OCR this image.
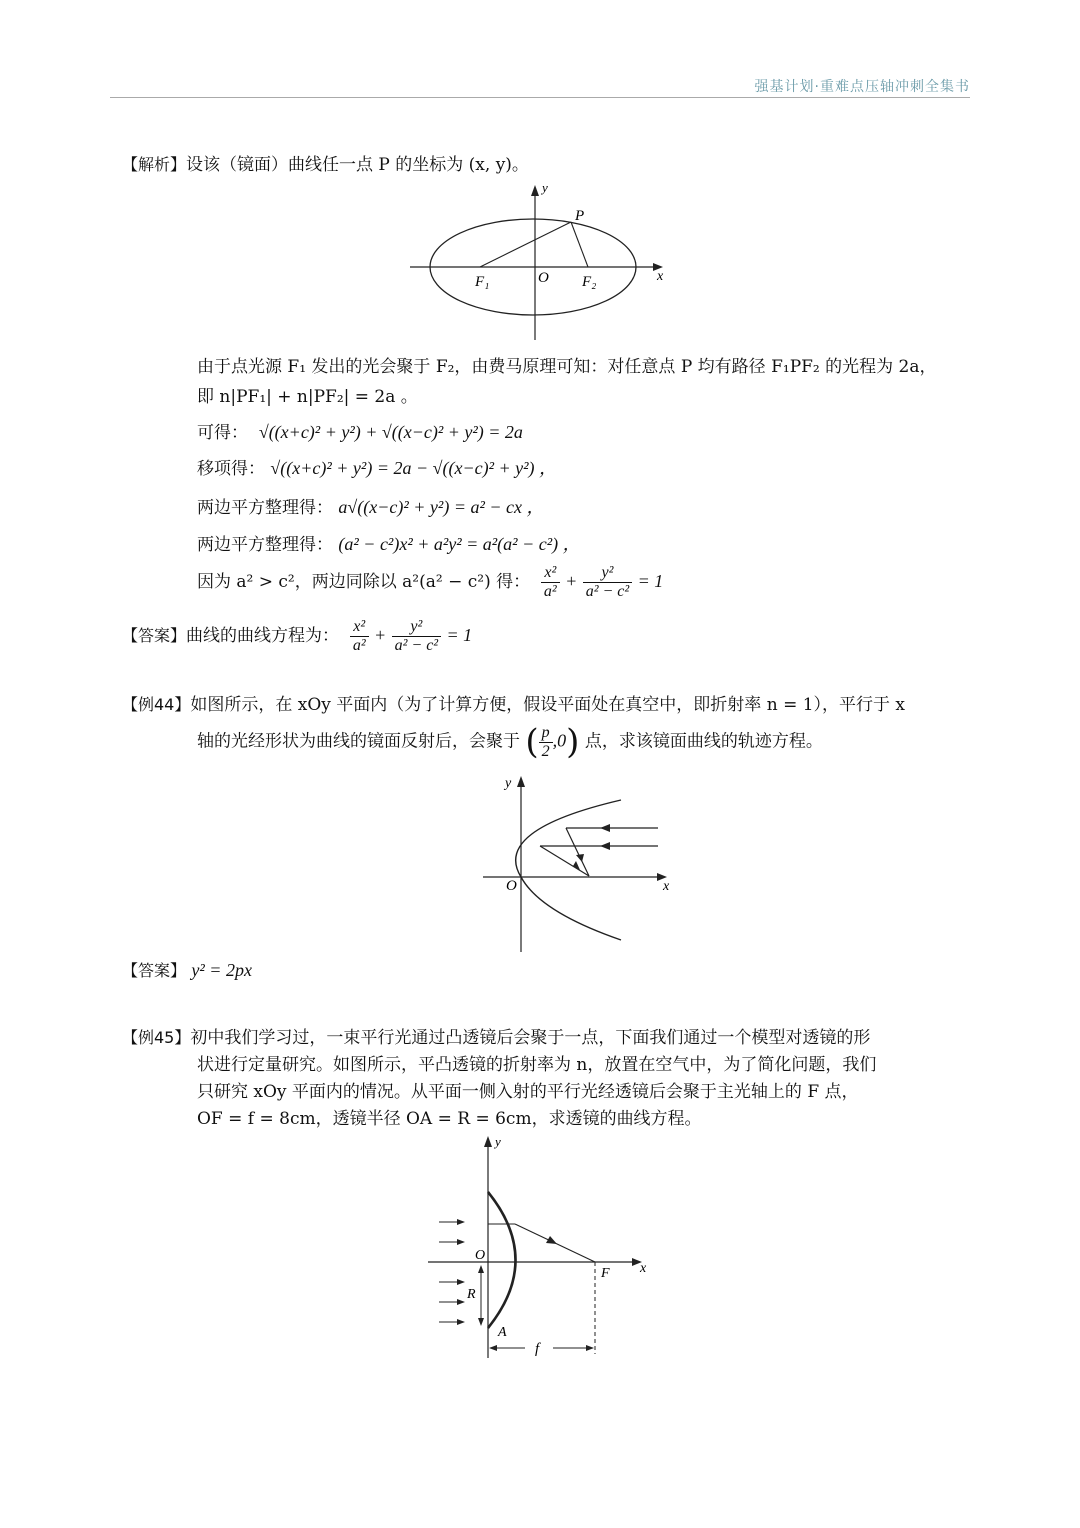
强基计划·重难点压轴冲刺全集书
【解析】设该（镜面）曲线任一点 P 的坐标为 (x, y)。
y
x
P
O
F₁	F₂
由于点光源 F₁ 发出的光会聚于 F₂，由费马原理可知：对任意点 P 均有路径 F₁PF₂ 的光程为 2a，
即 n|PF₁| + n|PF₂| = 2a 。
可得： √((x+c)² + y²) + √((x−c)² + y²) = 2a
移项得： √((x+c)² + y²) = 2a − √((x−c)² + y²) ，
两边平方整理得： a√((x−c)² + y²) = a² − cx ，
两边平方整理得： (a² − c²)x² + a²y² = a²(a² − c²) ，
因为 a² > c²，两边同除以 a²(a² − c²) 得： $\frac{\text{x²}}{\text{a²}} + \frac{\text{y²}}{\text{a² − c²}} = 1$
【答案】曲线的曲线方程为： $\frac{\text{x²}}{\text{a²}} + \frac{\text{y²}}{\text{a² − c²}} = 1$
【例44】如图所示，在 xOy 平面内（为了计算方便，假设平面处在真空中，即折射率 n = 1），平行于 x
轴的光经形状为曲线的镜面反射后，会聚于 ( $\frac{p}{2} ,0$) 点，求该镜面曲线的轨迹方程。
y
x
O
【答案】 y² = 2px
【例45】初中我们学习过，一束平行光通过凸透镜后会聚于一点，下面我们通过一个模型对透镜的形
状进行定量研究。如图所示，平凸透镜的折射率为 n，放置在空气中，为了简化问题，我们
只研究 xOy 平面内的情况。从平面一侧入射的平行光经透镜后会聚于主光轴上的 F 点，
OF = f = 8cm，透镜半径 OA = R = 6cm，求透镜的曲线方程。
y
x
O
F
R
A
f
